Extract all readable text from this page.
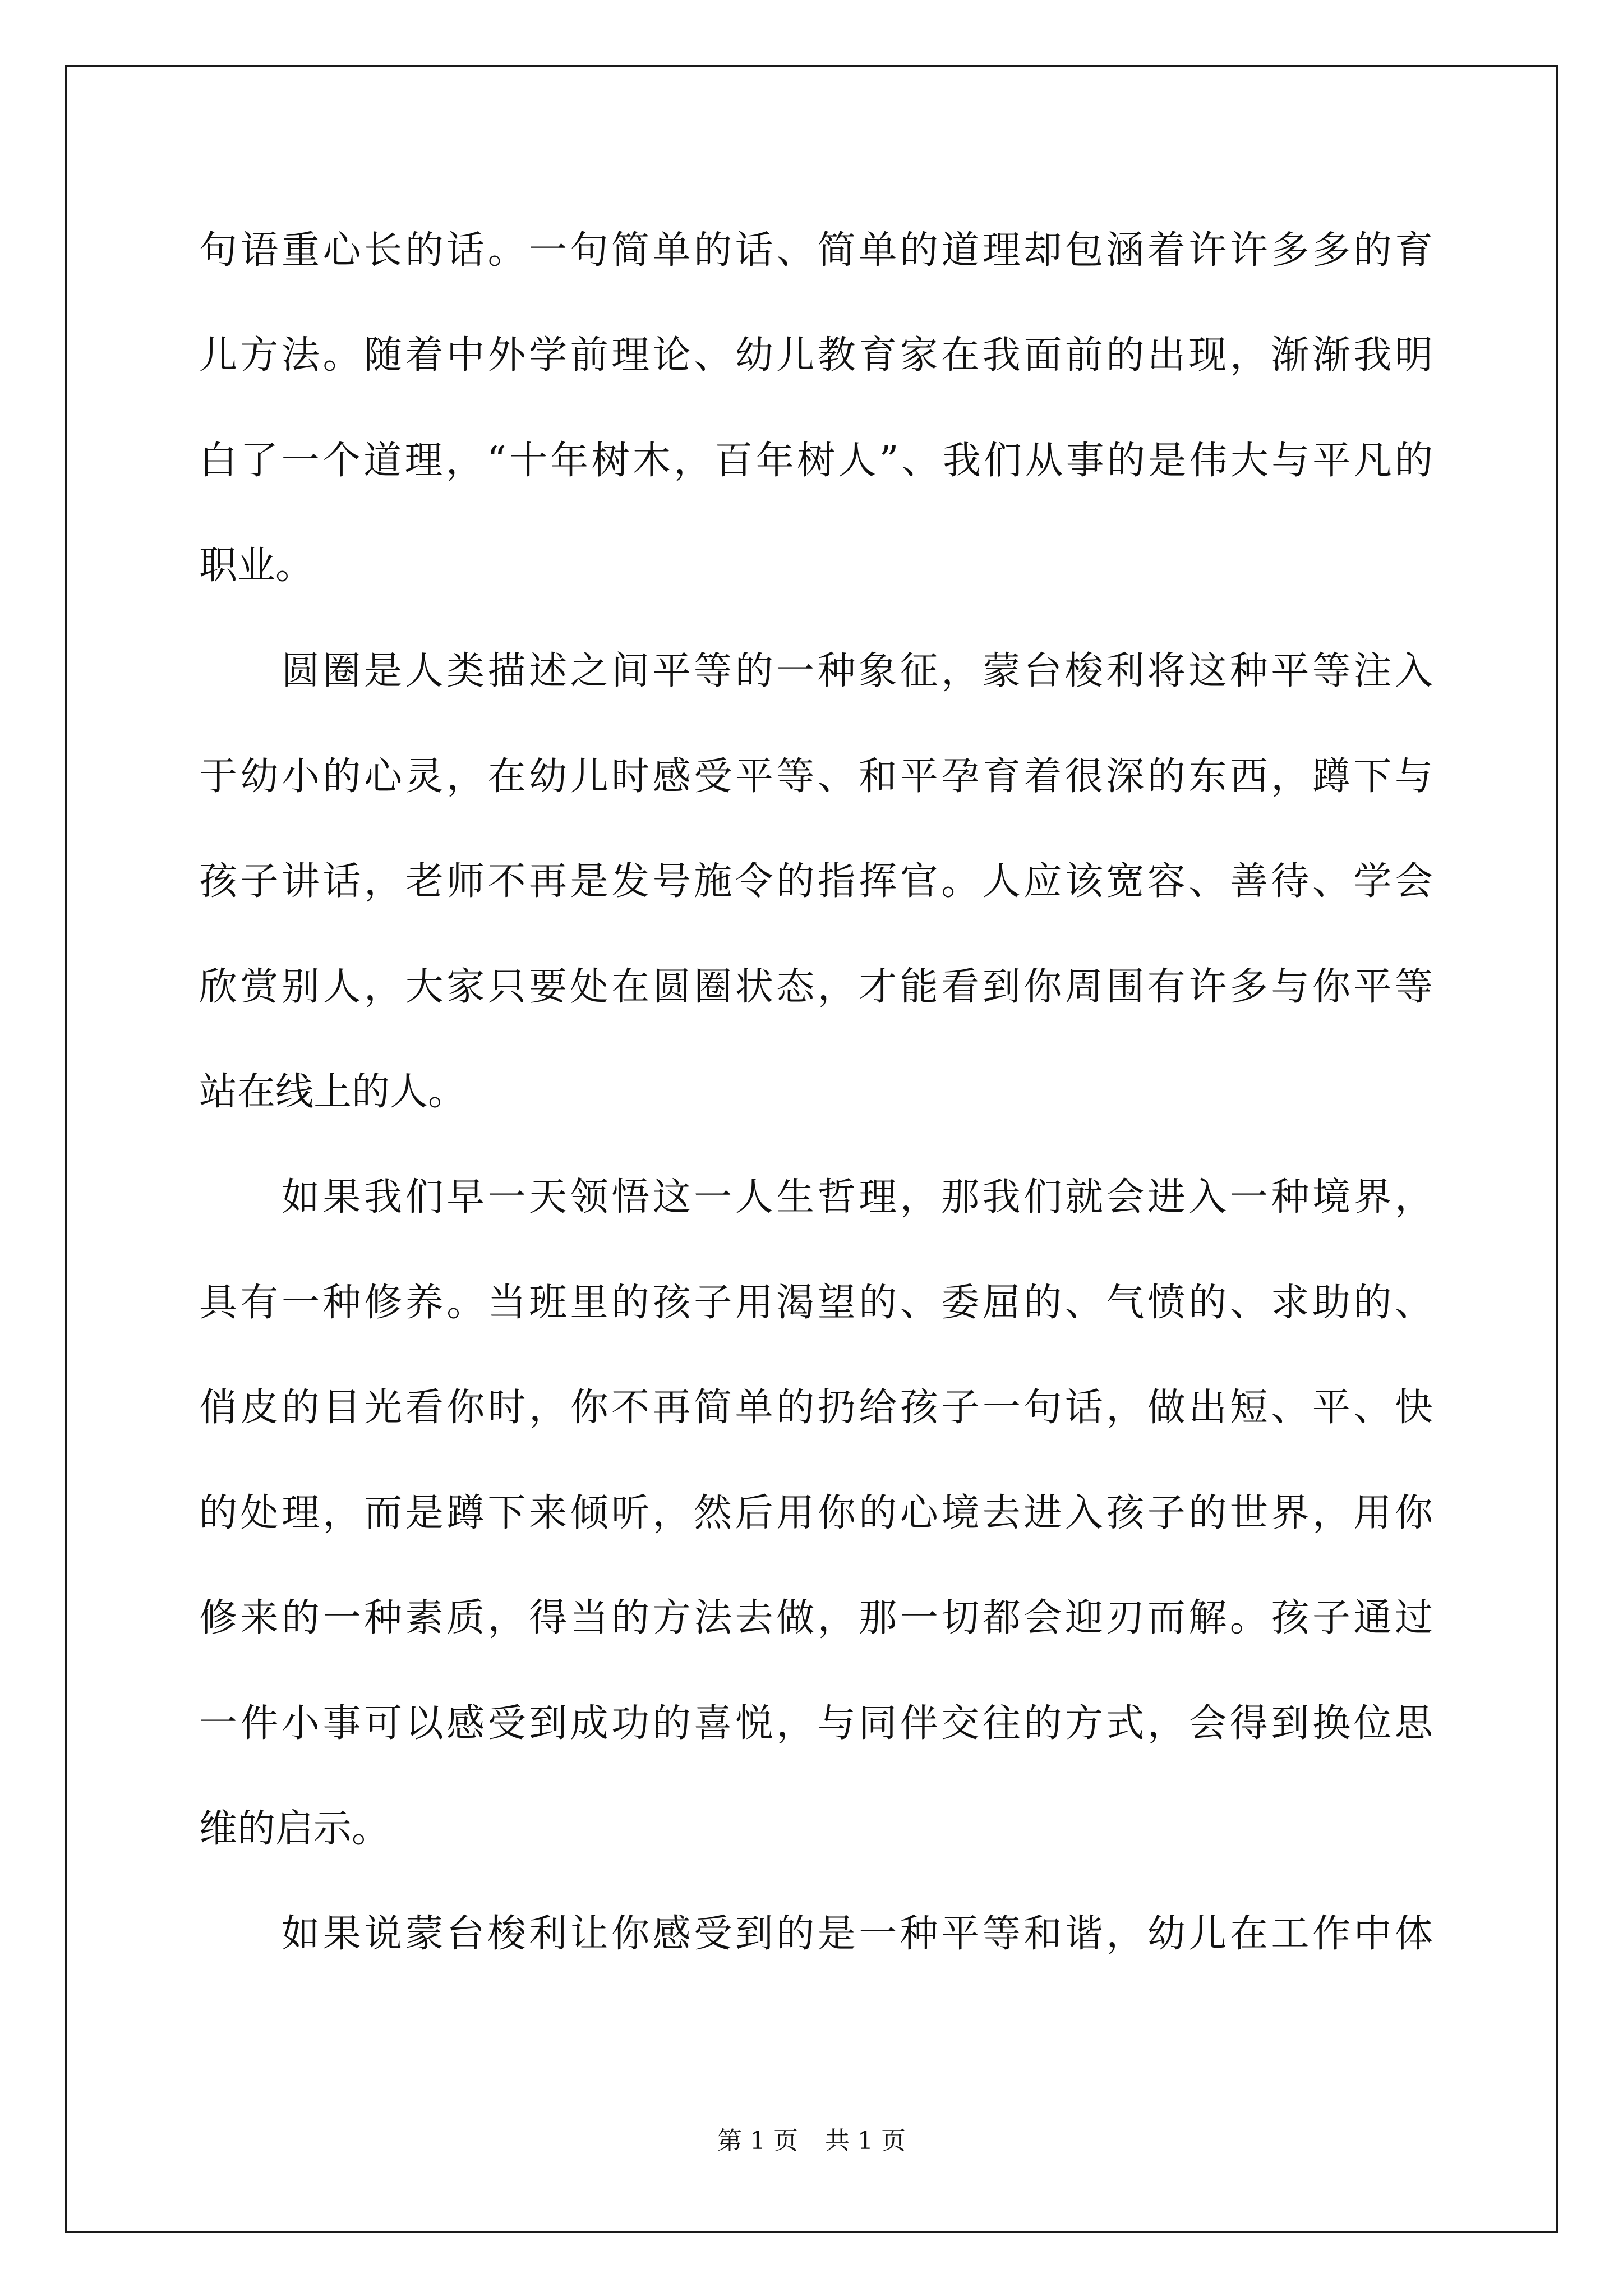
句语重心长的话。一句简单的话、简单的道理却包涵着许许多多的育
儿方法。随着中外学前理论、幼儿教育家在我面前的出现，渐渐我明
白了一个道理，“十年树木，百年树人”、我们从事的是伟大与平凡的
职业。
圆圈是人类描述之间平等的一种象征，蒙台梭利将这种平等注入
于幼小的心灵，在幼儿时感受平等、和平孕育着很深的东西，蹲下与
孩子讲话，老师不再是发号施令的指挥官。人应该宽容、善待、学会
欣赏别人，大家只要处在圆圈状态，才能看到你周围有许多与你平等
站在线上的人。
如果我们早一天领悟这一人生哲理，那我们就会进入一种境界，
具有一种修养。当班里的孩子用渴望的、委屈的、气愤的、求助的、
俏皮的目光看你时，你不再简单的扔给孩子一句话，做出短、平、快
的处理，而是蹲下来倾听，然后用你的心境去进入孩子的世界，用你
修来的一种素质，得当的方法去做，那一切都会迎刃而解。孩子通过
一件小事可以感受到成功的喜悦，与同伴交往的方式，会得到换位思
维的启示。
如果说蒙台梭利让你感受到的是一种平等和谐，幼儿在工作中体
第 1 页 共 1 页
